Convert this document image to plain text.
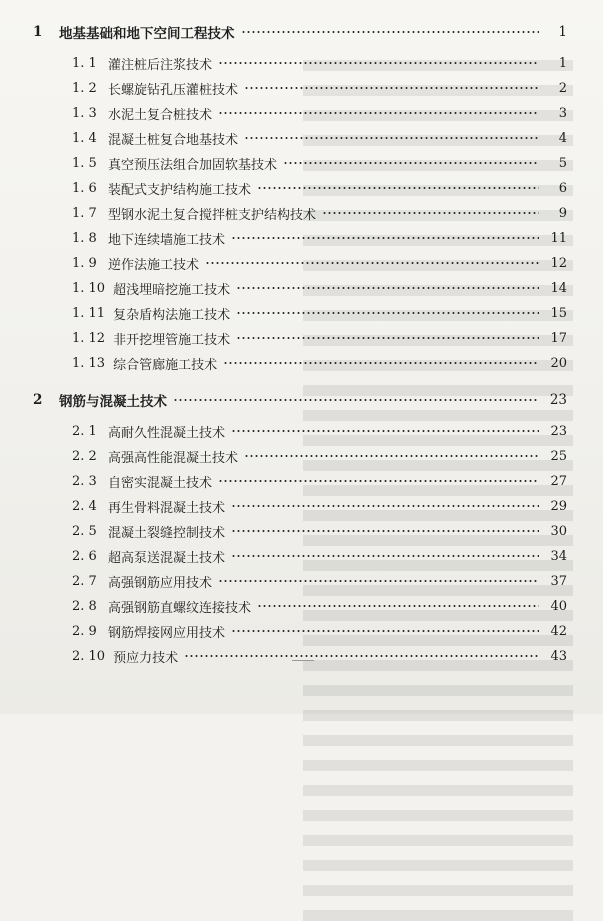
1	地基基础和地下空间工程技术	1
1. 1 灌注桩后注浆技术	1
1. 2 长螺旋钻孔压灌桩技术	2
1. 3 水泥土复合桩技术	3
1. 4 混凝土桩复合地基技术	4
1. 5 真空预压法组合加固软基技术	5
1. 6 装配式支护结构施工技术	6
1. 7 型钢水泥土复合搅拌桩支护结构技术	9
1. 8 地下连续墙施工技术	11
1. 9 逆作法施工技术	12
1. 10 超浅埋暗挖施工技术	14
1. 11 复杂盾构法施工技术	15
1. 12 非开挖埋管施工技术	17
1. 13 综合管廊施工技术	20
2	钢筋与混凝土技术	23
2. 1 高耐久性混凝土技术	23
2. 2 高强高性能混凝土技术	25
2. 3 自密实混凝土技术	27
2. 4 再生骨料混凝土技术	29
2. 5 混凝土裂缝控制技术	30
2. 6 超高泵送混凝土技术	34
2. 7 高强钢筋应用技术	37
2. 8 高强钢筋直螺纹连接技术	40
2. 9 钢筋焊接网应用技术	42
2. 10 预应力技术	43
